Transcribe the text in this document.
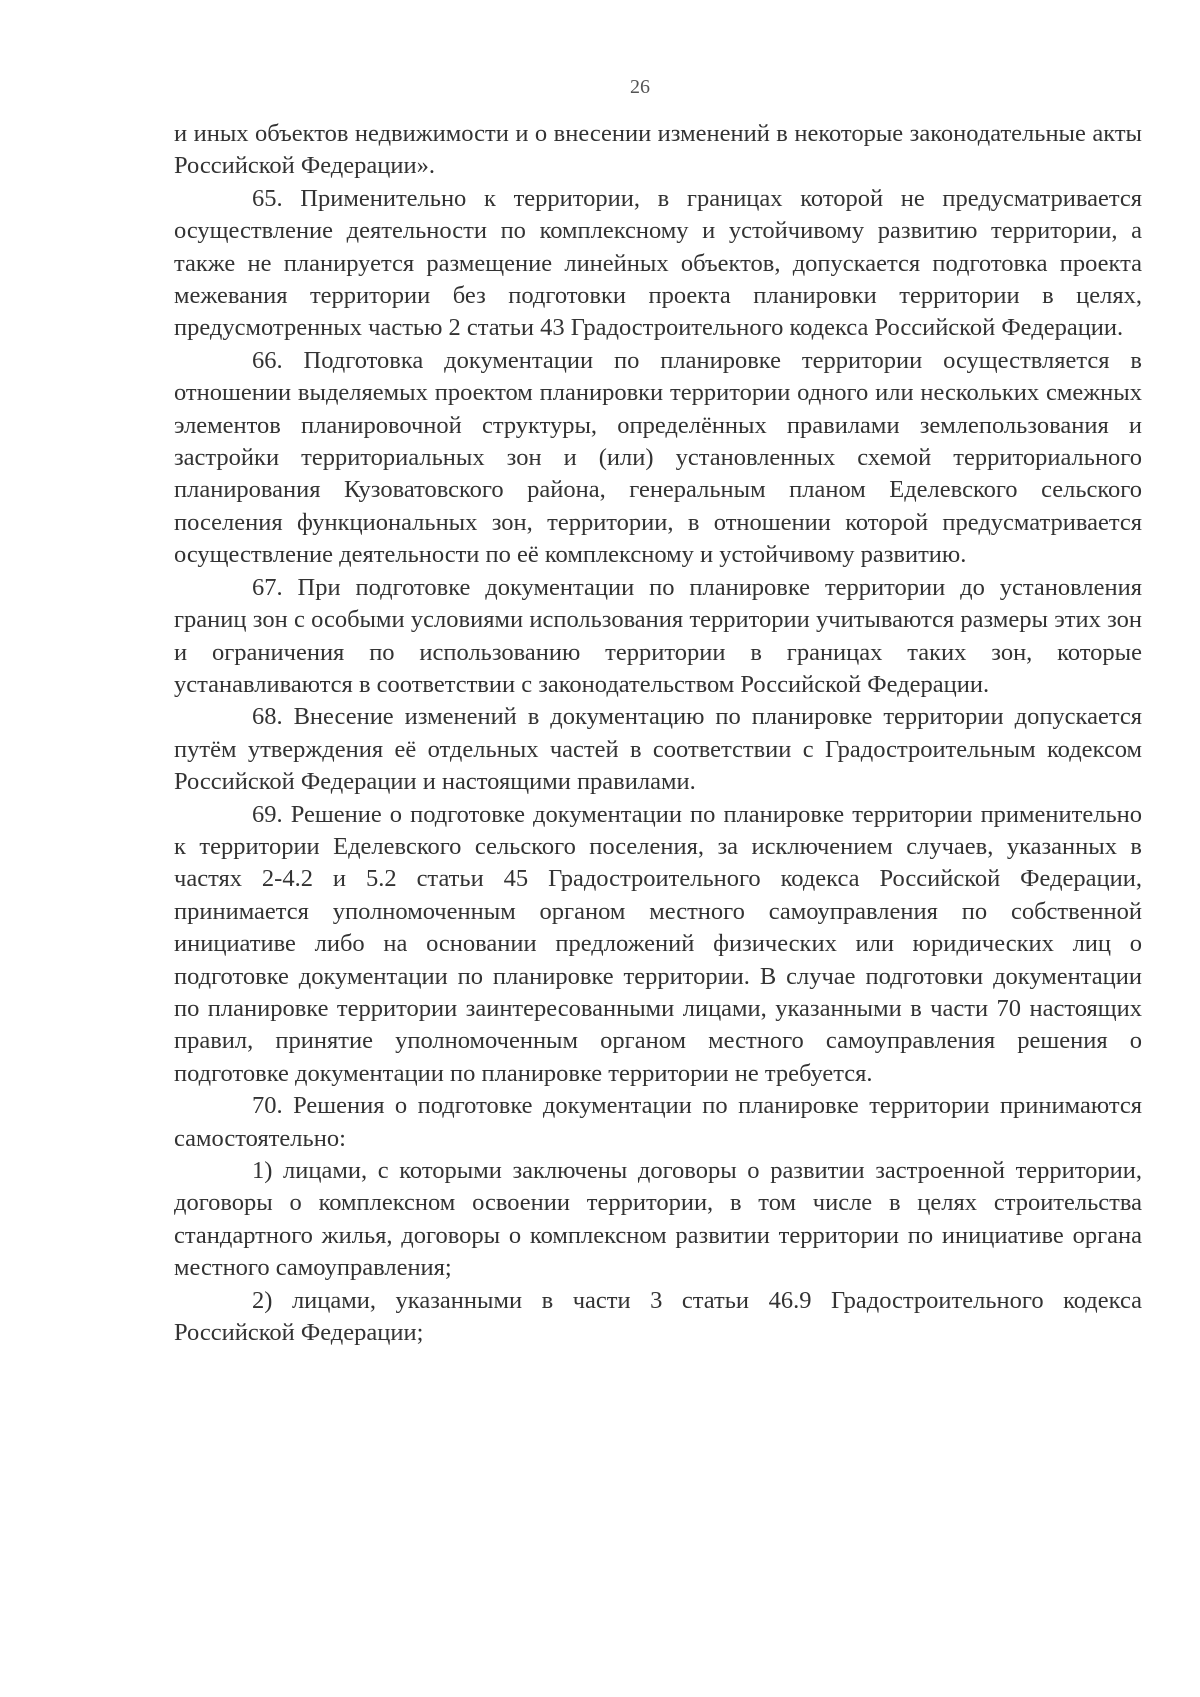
26

и иных объектов недвижимости и о внесении изменений в некоторые законодательные акты Российской Федерации».

65. Применительно к территории, в границах которой не предусматривается осуществление деятельности по комплексному и устойчивому развитию территории, а также не планируется размещение линейных объектов, допускается подготовка проекта межевания территории без подготовки проекта планировки территории в целях, предусмотренных частью 2 статьи 43 Градостроительного кодекса Российской Федерации.

66. Подготовка документации по планировке территории осуществляется в отношении выделяемых проектом планировки территории одного или нескольких смежных элементов планировочной структуры, определённых правилами землепользования и застройки территориальных зон и (или) установленных схемой территориального планирования Кузоватовского района, генеральным планом Еделевского сельского поселения функциональных зон, территории, в отношении которой предусматривается осуществление деятельности по её комплексному и устойчивому развитию.

67. При подготовке документации по планировке территории до установления границ зон с особыми условиями использования территории учитываются размеры этих зон и ограничения по использованию территории в границах таких зон, которые устанавливаются в соответствии с законодательством Российской Федерации.

68. Внесение изменений в документацию по планировке территории допускается путём утверждения её отдельных частей в соответствии с Градостроительным кодексом Российской Федерации и настоящими правилами.

69. Решение о подготовке документации по планировке территории применительно к территории Еделевского сельского поселения, за исключением случаев, указанных в частях 2-4.2 и 5.2 статьи 45 Градостроительного кодекса Российской Федерации, принимается уполномоченным органом местного самоуправления по собственной инициативе либо на основании предложений физических или юридических лиц о подготовке документации по планировке территории. В случае подготовки документации по планировке территории заинтересованными лицами, указанными в части 70 настоящих правил, принятие уполномоченным органом местного самоуправления решения о подготовке документации по планировке территории не требуется.

70. Решения о подготовке документации по планировке территории принимаются самостоятельно:

1) лицами, с которыми заключены договоры о развитии застроенной территории, договоры о комплексном освоении территории, в том числе в целях строительства стандартного жилья, договоры о комплексном развитии территории по инициативе органа местного самоуправления;

2) лицами, указанными в части 3 статьи 46.9 Градостроительного кодекса Российской Федерации;
